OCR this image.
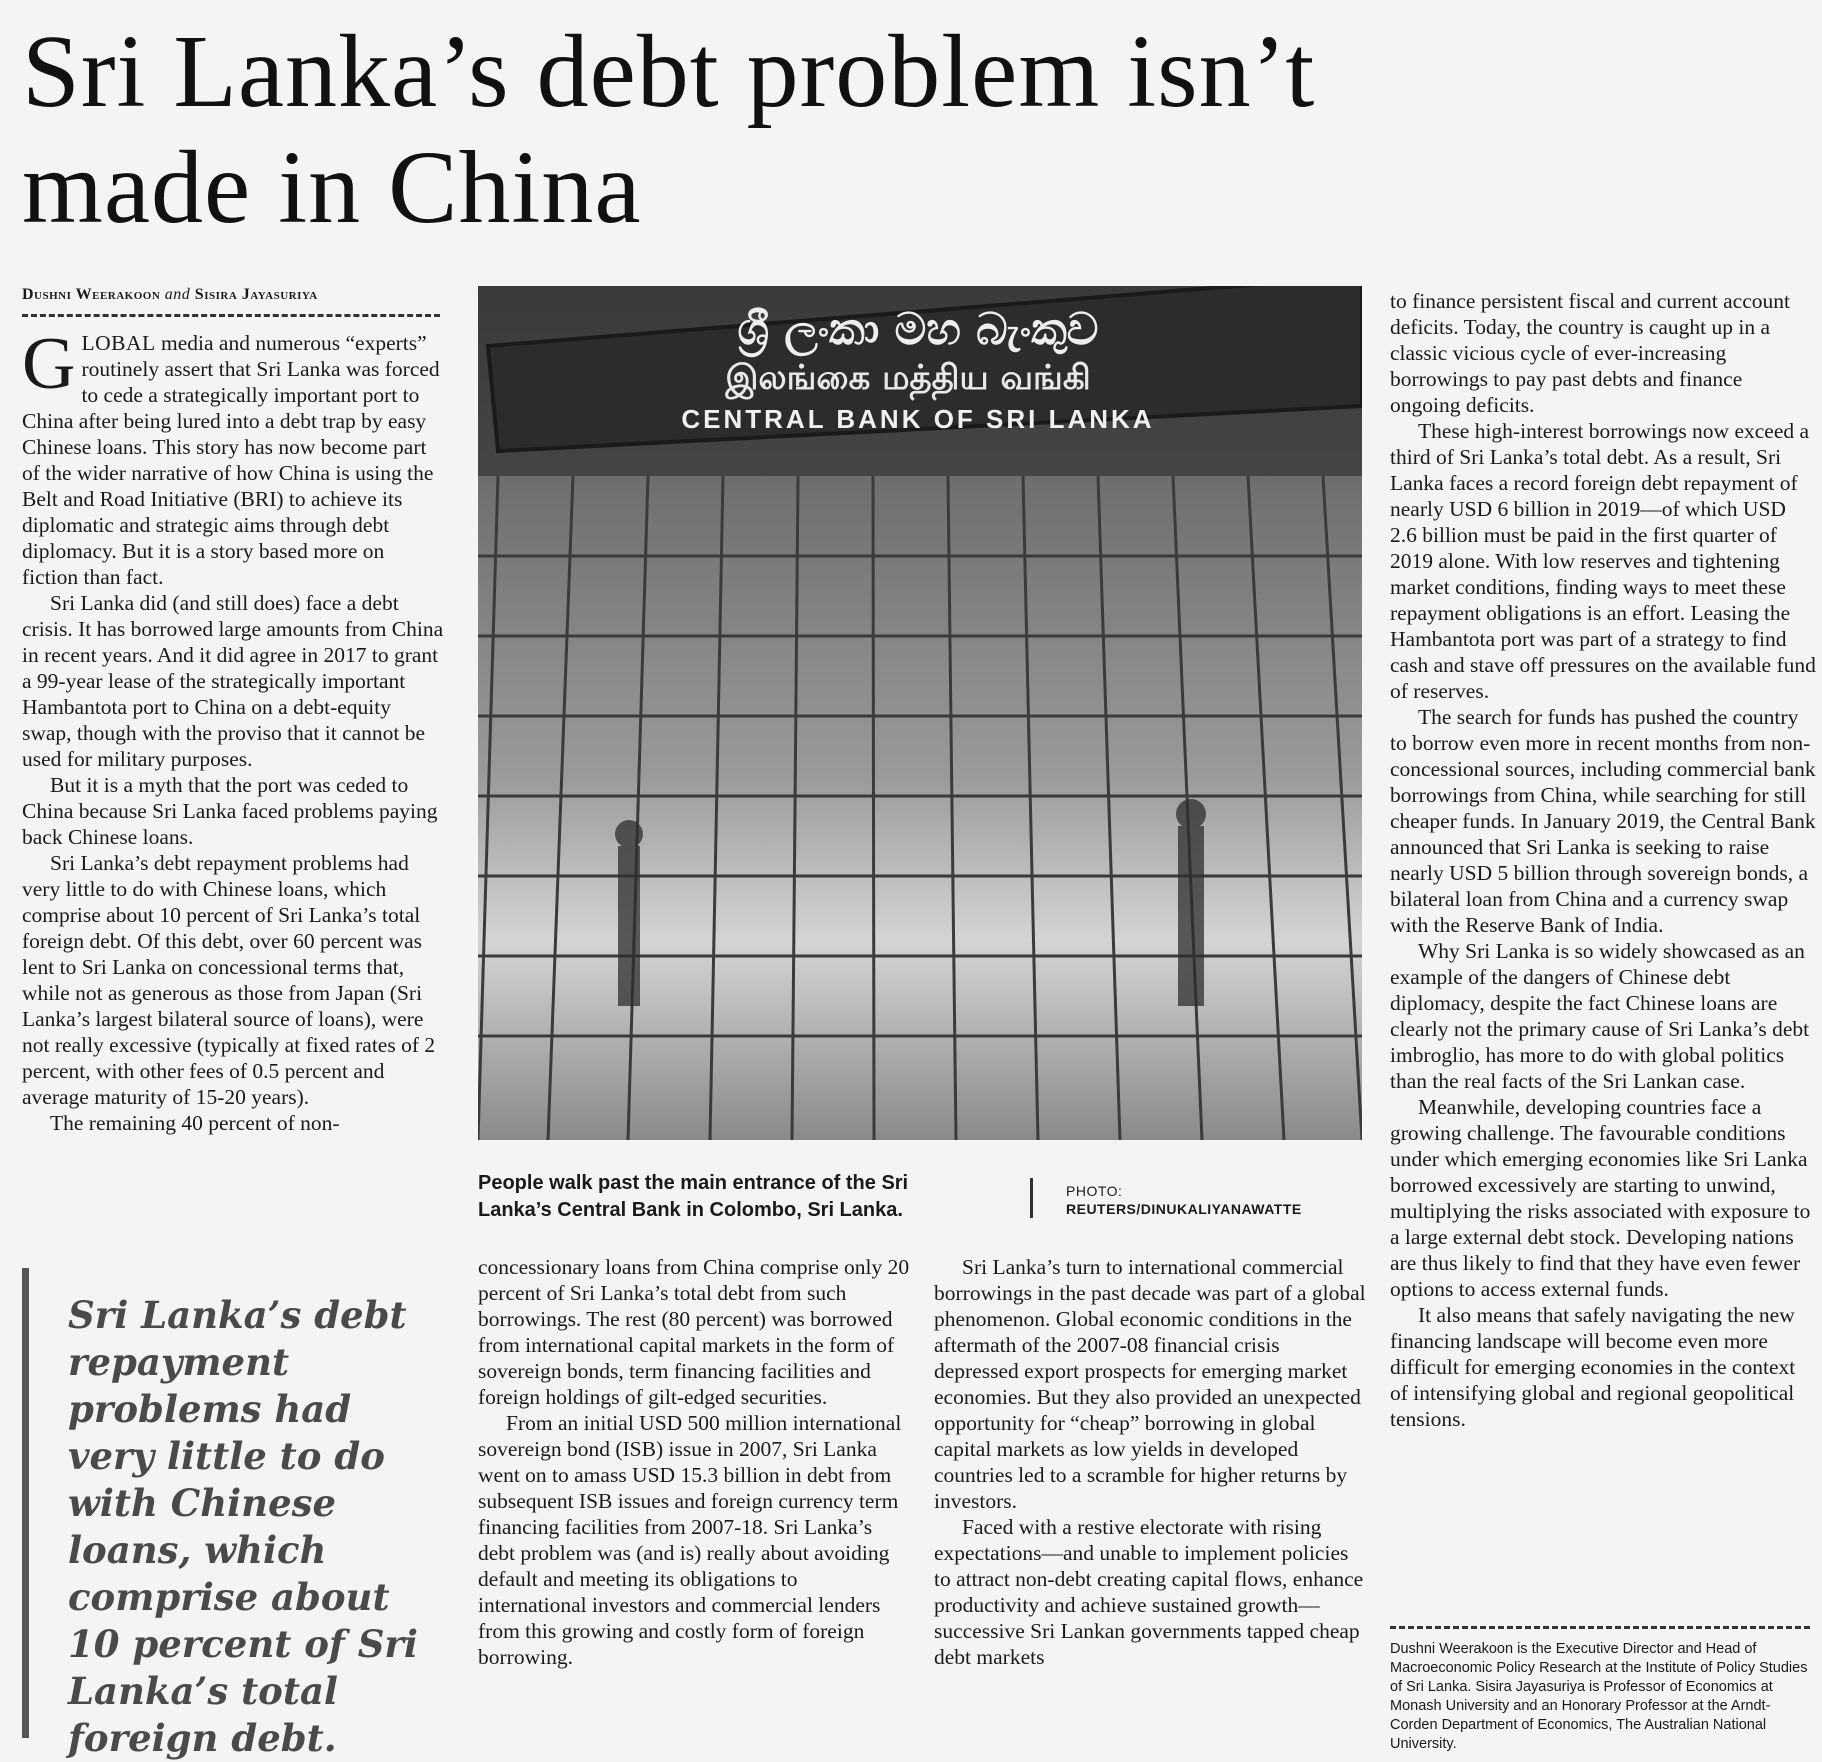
Sri Lanka’s debt problem isn’t made in China
Dushni Weerakoon and Sisira Jayasuriya

GLOBAL media and numerous “experts” routinely assert that Sri Lanka was forced to cede a strategically important port to China after being lured into a debt trap by easy Chinese loans. This story has now become part of the wider narrative of how China is using the Belt and Road Initiative (BRI) to achieve its diplomatic and strategic aims through debt diplomacy. But it is a story based more on fiction than fact.

Sri Lanka did (and still does) face a debt crisis. It has borrowed large amounts from China in recent years. And it did agree in 2017 to grant a 99-year lease of the strategically important Hambantota port to China on a debt-equity swap, though with the proviso that it cannot be used for military purposes.

But it is a myth that the port was ceded to China because Sri Lanka faced problems paying back Chinese loans.

Sri Lanka’s debt repayment problems had very little to do with Chinese loans, which comprise about 10 percent of Sri Lanka’s total foreign debt. Of this debt, over 60 percent was lent to Sri Lanka on concessional terms that, while not as generous as those from Japan (Sri Lanka’s largest bilateral source of loans), were not really excessive (typically at fixed rates of 2 percent, with other fees of 0.5 percent and average maturity of 15-20 years).

The remaining 40 percent of non-

ශ්‍රී ලංකා මහ බැංකුව
இலங்கை மத்திய வங்கி
CENTRAL BANK OF SRI LANKA
People walk past the main entrance of the Sri Lanka’s Central Bank in Colombo, Sri Lanka.
PHOTO:
REUTERS/DINUKALIYANAWATTE

concessionary loans from China comprise only 20 percent of Sri Lanka’s total debt from such borrowings. The rest (80 percent) was borrowed from international capital markets in the form of sovereign bonds, term financing facilities and foreign holdings of gilt-edged securities.

From an initial USD 500 million international sovereign bond (ISB) issue in 2007, Sri Lanka went on to amass USD 15.3 billion in debt from subsequent ISB issues and foreign currency term financing facilities from 2007-18. Sri Lanka’s debt problem was (and is) really about avoiding default and meeting its obligations to international investors and commercial lenders from this growing and costly form of foreign borrowing.

Sri Lanka’s turn to international commercial borrowings in the past decade was part of a global phenomenon. Global economic conditions in the aftermath of the 2007-08 financial crisis depressed export prospects for emerging market economies. But they also provided an unexpected opportunity for “cheap” borrowing in global capital markets as low yields in developed countries led to a scramble for higher returns by investors.

Faced with a restive electorate with rising expectations—and unable to implement policies to attract non-debt creating capital flows, enhance productivity and achieve sustained growth—successive Sri Lankan governments tapped cheap debt markets

to finance persistent fiscal and current account deficits. Today, the country is caught up in a classic vicious cycle of ever-increasing borrowings to pay past debts and finance ongoing deficits.

These high-interest borrowings now exceed a third of Sri Lanka’s total debt. As a result, Sri Lanka faces a record foreign debt repayment of nearly USD 6 billion in 2019—of which USD 2.6 billion must be paid in the first quarter of 2019 alone. With low reserves and tightening market conditions, finding ways to meet these repayment obligations is an effort. Leasing the Hambantota port was part of a strategy to find cash and stave off pressures on the available fund of reserves.

The search for funds has pushed the country to borrow even more in recent months from non-concessional sources, including commercial bank borrowings from China, while searching for still cheaper funds. In January 2019, the Central Bank announced that Sri Lanka is seeking to raise nearly USD 5 billion through sovereign bonds, a bilateral loan from China and a currency swap with the Reserve Bank of India.

Why Sri Lanka is so widely showcased as an example of the dangers of Chinese debt diplomacy, despite the fact Chinese loans are clearly not the primary cause of Sri Lanka’s debt imbroglio, has more to do with global politics than the real facts of the Sri Lankan case.

Meanwhile, developing countries face a growing challenge. The favourable conditions under which emerging economies like Sri Lanka borrowed excessively are starting to unwind, multiplying the risks associated with exposure to a large external debt stock. Developing nations are thus likely to find that they have even fewer options to access external funds.

It also means that safely navigating the new financing landscape will become even more difficult for emerging economies in the context of intensifying global and regional geopolitical tensions.

Dushni Weerakoon is the Executive Director and Head of Macroeconomic Policy Research at the Institute of Policy Studies of Sri Lanka. Sisira Jayasuriya is Professor of Economics at Monash University and an Honorary Professor at the Arndt-Corden Department of Economics, The Australian National University.
Sri Lanka’s debt repayment problems had very little to do with Chinese loans, which comprise about 10 percent of Sri Lanka’s total foreign debt.
